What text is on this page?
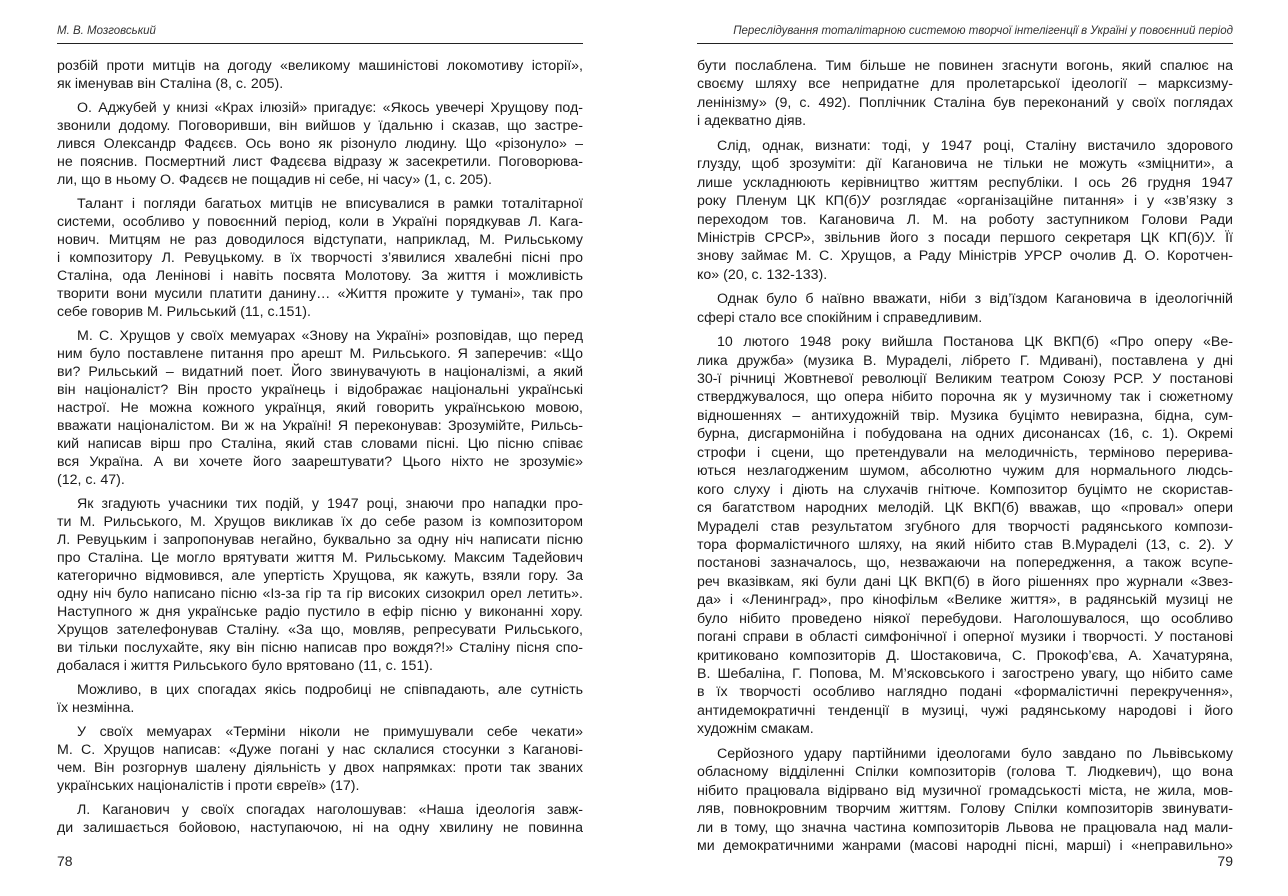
М. В. Мозговський
розбій проти митців на догоду «великому машиністові локомотиву історії»,
як іменував він Сталіна (8, с. 205).
О. Аджубей у книзі «Крах ілюзій» пригадує: «Якось увечері Хрущову под-
звонили додому. Поговоривши, він вийшов у їдальню і сказав, що застре-
лився Олександр Фадєєв. Ось воно як різонуло людину. Що «різонуло» –
не пояснив. Посмертний лист Фадєєва відразу ж засекретили. Поговорюва-
ли, що в ньому О. Фадєєв не пощадив ні себе, ні часу» (1, с. 205).
Талант і погляди багатьох митців не вписувалися в рамки тоталітарної
системи, особливо у повоєнний період, коли в Україні порядкував Л. Кага-
нович. Митцям не раз доводилося відступати, наприклад, М. Рильському
і композитору Л. Ревуцькому. в їх творчості з’явилися хвалебні пісні про
Сталіна, ода Ленінові і навіть посвята Молотову. За життя і можливість
творити вони мусили платити данину… «Життя прожите у тумані», так про
себе говорив М. Рильський (11, с.151).
М. С. Хрущов у своїх мемуарах «Знову на Україні» розповідав, що перед
ним було поставлене питання про арешт М. Рильського. Я заперечив: «Що
ви? Рильський – видатний поет. Його звинувачують в націоналізмі, а який
він націоналіст? Він просто українець і відображає національні українські
настрої. Не можна кожного українця, який говорить українською мовою,
вважати націоналістом. Ви ж на Україні! Я переконував: Зрозумійте, Рильсь-
кий написав вірш про Сталіна, який став словами пісні. Цю пісню співає
вся Україна. А ви хочете його заарештувати? Цього ніхто не зрозуміє»
(12, с. 47).
Як згадують учасники тих подій, у 1947 році, знаючи про нападки про-
ти М. Рильського, М. Хрущов викликав їх до себе разом із композитором
Л. Ревуцьким і запропонував негайно, буквально за одну ніч написати пісню
про Сталіна. Це могло врятувати життя М. Рильському. Максим Тадейович
категорично відмовився, але упертість Хрущова, як кажуть, взяли гору. За
одну ніч було написано пісню «Із-за гір та гір високих сизокрил орел летить».
Наступного ж дня українське радіо пустило в ефір пісню у виконанні хору.
Хрущов зателефонував Сталіну. «За що, мовляв, репресувати Рильського,
ви тільки послухайте, яку він пісню написав про вождя?!» Сталіну пісня спо-
добалася і життя Рильського було врятовано (11, с. 151).
Можливо, в цих спогадах якісь подробиці не співпадають, але сутність
їх незмінна.
У своїх мемуарах «Терміни ніколи не примушували себе чекати»
М. С. Хрущов написав: «Дуже погані у нас склалися стосунки з Кагановi-
чем. Він розгорнув шалену діяльність у двох напрямках: проти так званих
українських націоналістів і проти євреїв» (17).
Л. Каганович у своїх спогадах наголошував: «Наша ідеологія завж-
ди залишається бойовою, наступаючою, ні на одну хвилину не повинна
78
Переслідування тоталітарною системою творчої інтелігенції в Україні у повоєнний період
бути послаблена. Тим більше не повинен згаснути вогонь, який спалює на
своєму шляху все непридатне для пролетарської ідеології – марксизму-
ленінізму» (9, с. 492). Поплічник Сталіна був переконаний у своїх поглядах
і адекватно діяв.
Слід, однак, визнати: тоді, у 1947 році, Сталіну вистачило здорового
глузду, щоб зрозуміти: дії Кагановича не тільки не можуть «зміцнити», а
лише ускладнюють керівництво життям республіки. І ось 26 грудня 1947
року Пленум ЦК КП(б)У розглядає «організаційне питання» і у «зв’язку з
переходом тов. Кагановича Л. М. на роботу заступником Голови Ради
Міністрів СРСР», звільнив його з посади першого секретаря ЦК КП(б)У. Її
знову займає М. С. Хрущов, а Раду Міністрів УРСР очолив Д. О. Коротчен-
ко» (20, с. 132-133).
Однак було б наївно вважати, ніби з від’їздом Кагановича в ідеологічній
сфері стало все спокійним і справедливим.
10 лютого 1948 року вийшла Постанова ЦК ВКП(б) «Про оперу «Ве-
лика дружба» (музика В. Мураделі, лібрето Г. Мдивані), поставлена у дні
30-ї річниці Жовтневої революції Великим театром Союзу РСР. У постанові
стверджувалося, що опера нібито порочна як у музичному так і сюжетному
відношеннях – антихудожній твір. Музика буцімто невиразна, бідна, сум-
бурна, дисгармонійна і побудована на одних дисонансах (16, с. 1). Окремі
строфи і сцени, що претендували на мелодичність, терміново перерива-
ються незлагодженим шумом, абсолютно чужим для нормального людсь-
кого слуху і діють на слухачів гнітюче. Композитор буцімто не скористав-
ся багатством народних мелодій. ЦК ВКП(б) вважав, що «провал» опери
Мураделі став результатом згубного для творчості радянського компози-
тора формалістичного шляху, на який нібито став В.Мураделі (13, с. 2). У
постанові зазначалось, що, незважаючи на попередження, а також всупе-
реч вказівкам, які були дані ЦК ВКП(б) в його рішеннях про журнали «Звез-
да» і «Ленинград», про кінофільм «Велике життя», в радянській музиці не
було нібито проведено ніякої перебудови. Наголошувалося, що особливо
погані справи в області симфонічної і оперної музики і творчості. У постанові
критиковано композиторів Д. Шостаковича, С. Прокоф’єва, А. Хачатуряна,
В. Шебаліна, Г. Попова, М. М’ясковського і загострено увагу, що нібито саме
в їх творчості особливо наглядно подані «формалістичні перекручення»,
антидемократичні тенденції в музиці, чужі радянському народові і його
художнім смакам.
Серйозного удару партійними ідеологами було завдано по Львівському
обласному відділенні Спілки композиторів (голова Т. Людкевич), що вона
нібито працювала відірвано від музичної громадськості міста, не жила, мов-
ляв, повнокровним творчим життям. Голову Спілки композиторів звинувати-
ли в тому, що значна частина композиторів Львова не працювала над мали-
ми демократичними жанрами (масові народні пісні, марші) і «неправильно»
79
